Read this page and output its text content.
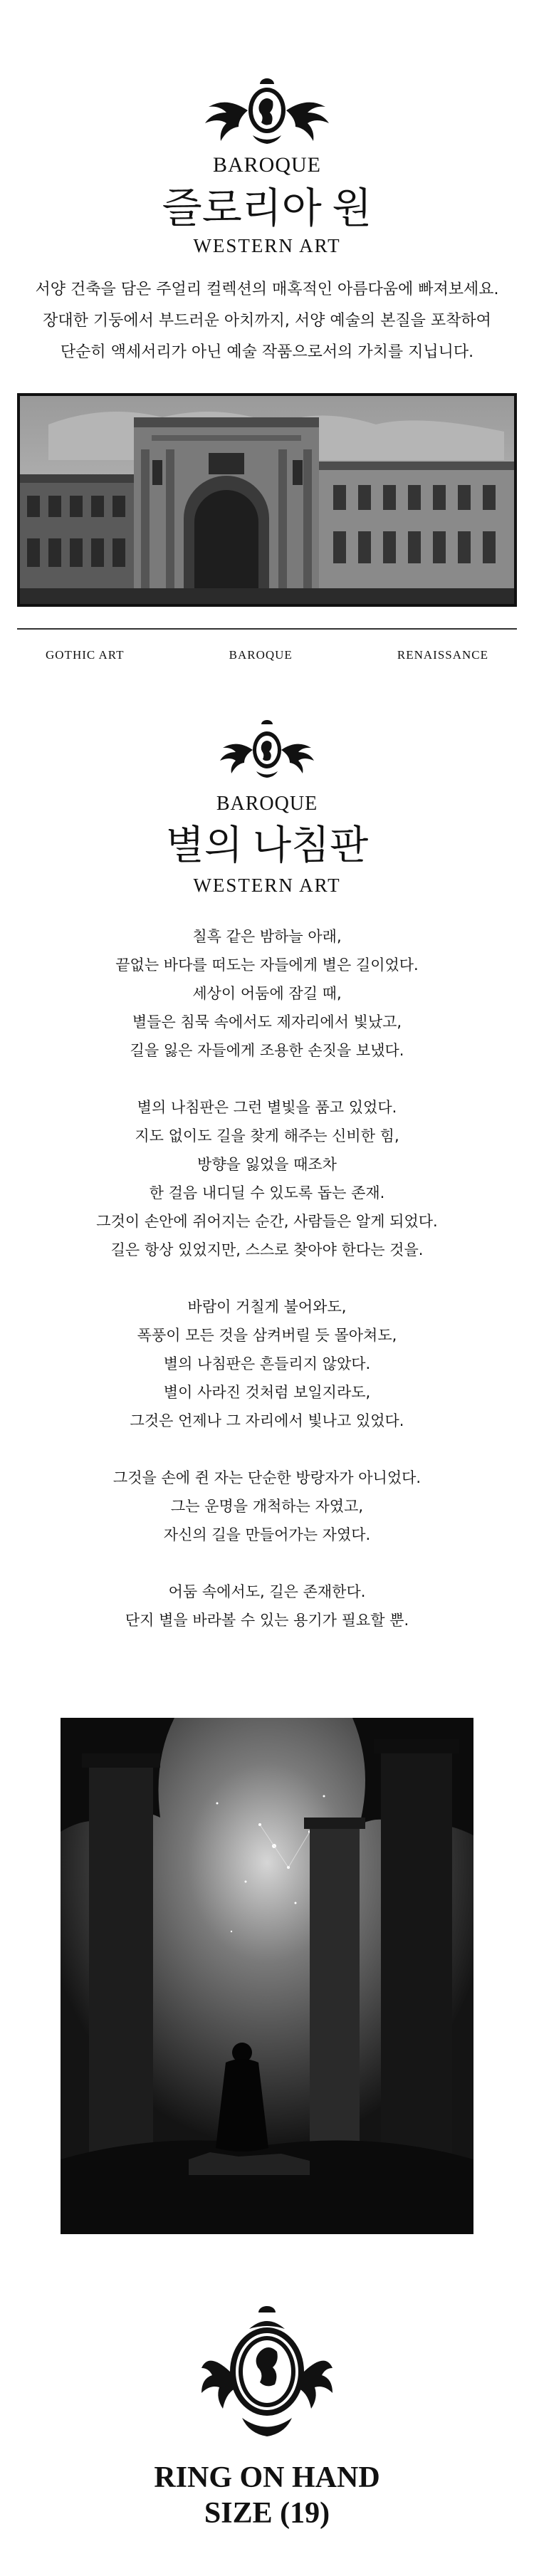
BAROQUE
즐로리아 원
WESTERN ART
서양 건축을 담은 주얼리 컬렉션의 매혹적인 아름다움에 빠져보세요.
장대한 기둥에서 부드러운 아치까지, 서양 예술의 본질을 포착하여
단순히 액세서리가 아닌 예술 작품으로서의 가치를 지닙니다.
GOTHIC ART	BAROQUE	RENAISSANCE
BAROQUE
별의 나침판
WESTERN ART
칠흑 같은 밤하늘 아래,
끝없는 바다를 떠도는 자들에게 별은 길이었다.
세상이 어둠에 잠길 때,
별들은 침묵 속에서도 제자리에서 빛났고,
길을 잃은 자들에게 조용한 손짓을 보냈다.
별의 나침판은 그런 별빛을 품고 있었다.
지도 없이도 길을 찾게 해주는 신비한 힘,
방향을 잃었을 때조차
한 걸음 내디딜 수 있도록 돕는 존재.
그것이 손안에 쥐어지는 순간, 사람들은 알게 되었다.
길은 항상 있었지만, 스스로 찾아야 한다는 것을.
바람이 거칠게 불어와도,
폭풍이 모든 것을 삼켜버릴 듯 몰아쳐도,
별의 나침판은 흔들리지 않았다.
별이 사라진 것처럼 보일지라도,
그것은 언제나 그 자리에서 빛나고 있었다.
그것을 손에 쥔 자는 단순한 방랑자가 아니었다.
그는 운명을 개척하는 자였고,
자신의 길을 만들어가는 자였다.
어둠 속에서도, 길은 존재한다.
단지 별을 바라볼 수 있는 용기가 필요할 뿐.
RING ON HAND
SIZE (19)
